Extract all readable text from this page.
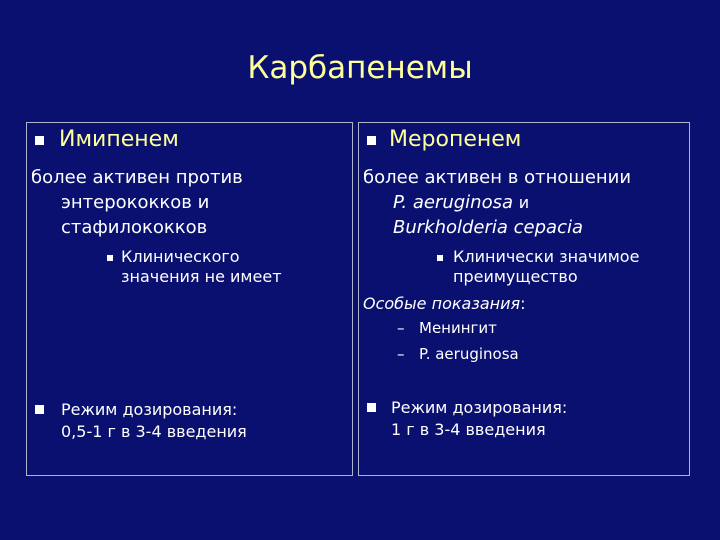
Карбапенемы
Имипенем
более активен против
энтерококков и
стафилококков
Клинического
значения не имеет
Режим дозирования:
0,5-1 г в 3-4 введения
Меропенем
более активен в отношении
P. aeruginosa и
Burkholderia cepacia
Клинически значимое
преимущество
Особые показания:
– Менингит
– P. aeruginosa
Режим дозирования:
1 г в 3-4 введения
